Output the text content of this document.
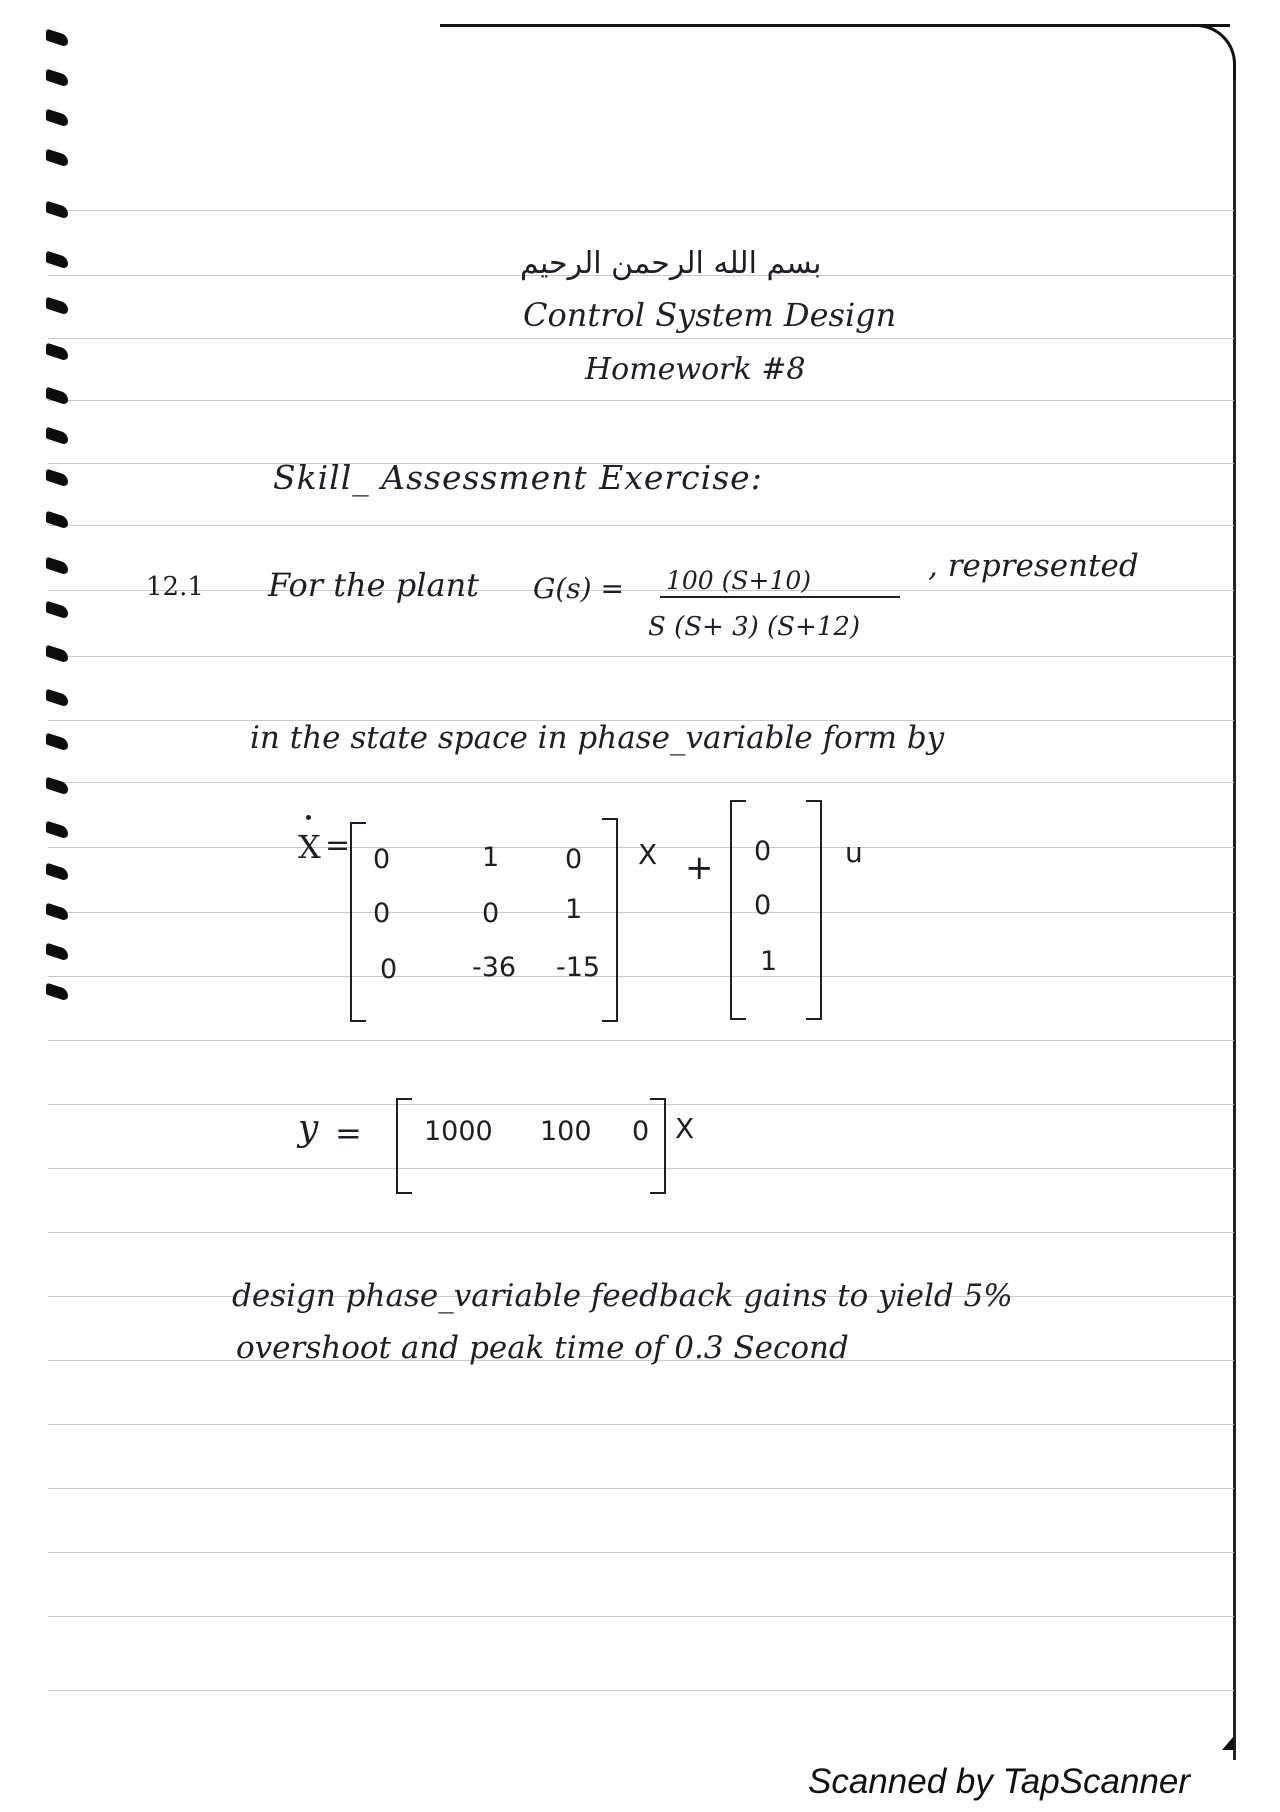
بسم الله الرحمن الرحيم
Control System Design
Homework #8
Skill_ Assessment Exercise:
12.1 For the plant G(s) = 100 (S+10)
S (S+ 3) (S+12)
, represented
in the state space in phase_variable form by
X = 0	1 0
0	0 1
0	-36 -15
X + 0
0
1
u
y = 1000 100 0 X
design phase_variable feedback gains to yield 5%
overshoot and peak time of 0.3 Second
Scanned by TapScanner
